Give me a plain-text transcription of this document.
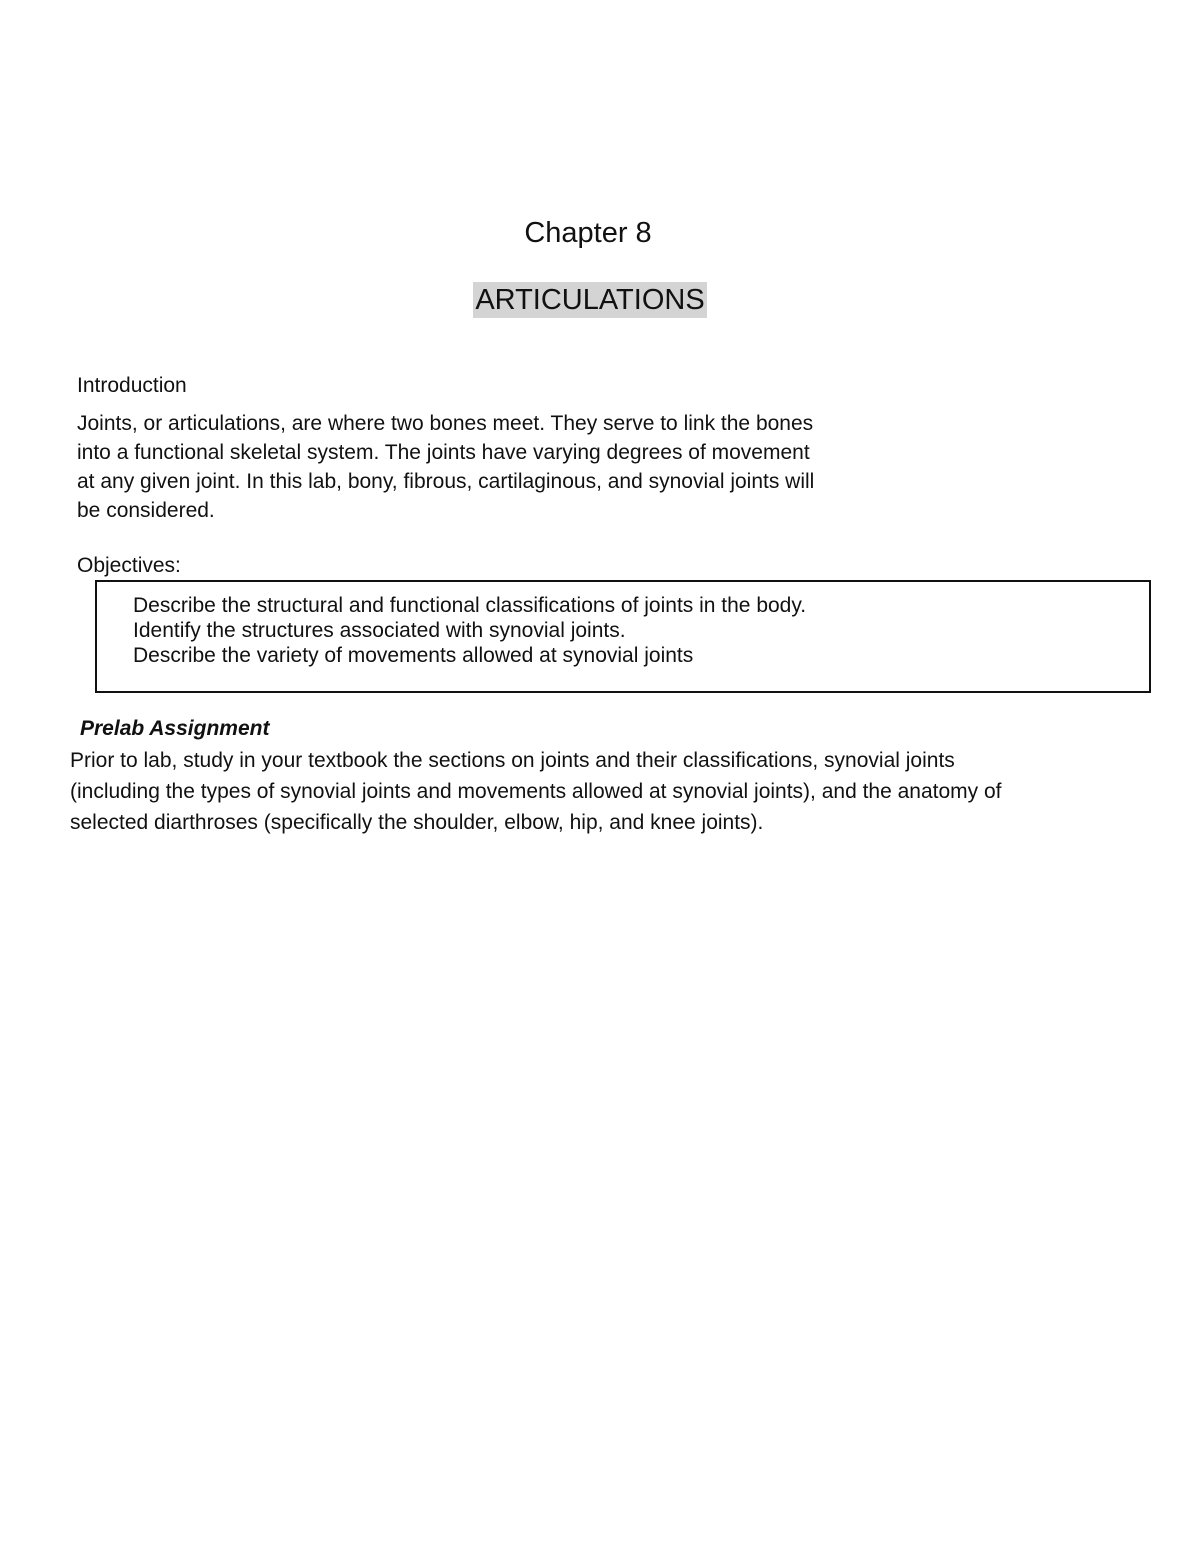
Chapter 8
ARTICULATIONS
Introduction
Joints, or articulations, are where two bones meet. They serve to link the bones
into a functional skeletal system. The joints have varying degrees of movement
at any given joint. In this lab, bony, fibrous, cartilaginous, and synovial joints will
be considered.
Objectives:
Describe the structural and functional classifications of joints in the body.
Identify the structures associated with synovial joints.
Describe the variety of movements allowed at synovial joints
Prelab Assignment
Prior to lab, study in your textbook the sections on joints and their classifications, synovial joints
(including the types of synovial joints and movements allowed at synovial joints), and the anatomy of
selected diarthroses (specifically the shoulder, elbow, hip, and knee joints).
